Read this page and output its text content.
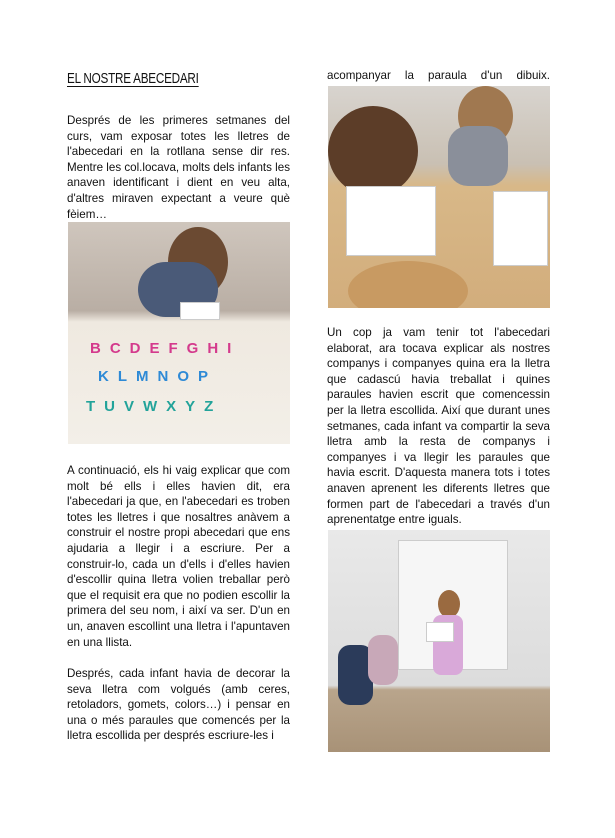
EL NOSTRE ABECEDARI

Després de les primeres setmanes del curs, vam exposar totes les lletres de l'abecedari en la rotllana sense dir res. Mentre les col.locava, molts dels infants les anaven identificant i dient en veu alta, d'altres miraven expectant a veure què fèiem…

BCDEFGHI
KLMNOP
TUVWXYZ

A continuació, els hi vaig explicar que com molt bé ells i elles havien dit, era l'abecedari ja que, en l'abecedari es troben totes les lletres i que nosaltres anàvem a construir el nostre propi abecedari que ens ajudaria a llegir i a escriure. Per a construir-lo, cada un d'ells i d'elles havien d'escollir quina lletra volien treballar però que el requisit era que no podien escollir la primera del seu nom, i així va ser. D'un en un, anaven escollint una lletra i l'apuntaven en una llista.

Després, cada infant havia de decorar la seva lletra com volgués (amb ceres, retoladors, gomets, colors…) i pensar en una o més paraules que comencés per la lletra escollida per després escriure-les i

acompanyar la paraula d'un dibuix.

Un cop ja vam tenir tot l'abecedari elaborat, ara tocava explicar als nostres companys i companyes quina era la lletra que cadascú havia treballat i quines paraules havien escrit que comencessin per la lletra escollida. Així que durant unes setmanes, cada infant va compartir la seva lletra amb la resta de companys i companyes i va llegir les paraules que havia escrit. D'aquesta manera tots i totes anaven aprenent les diferents lletres que formen part de l'abecedari a través d'un aprenentatge entre iguals.
